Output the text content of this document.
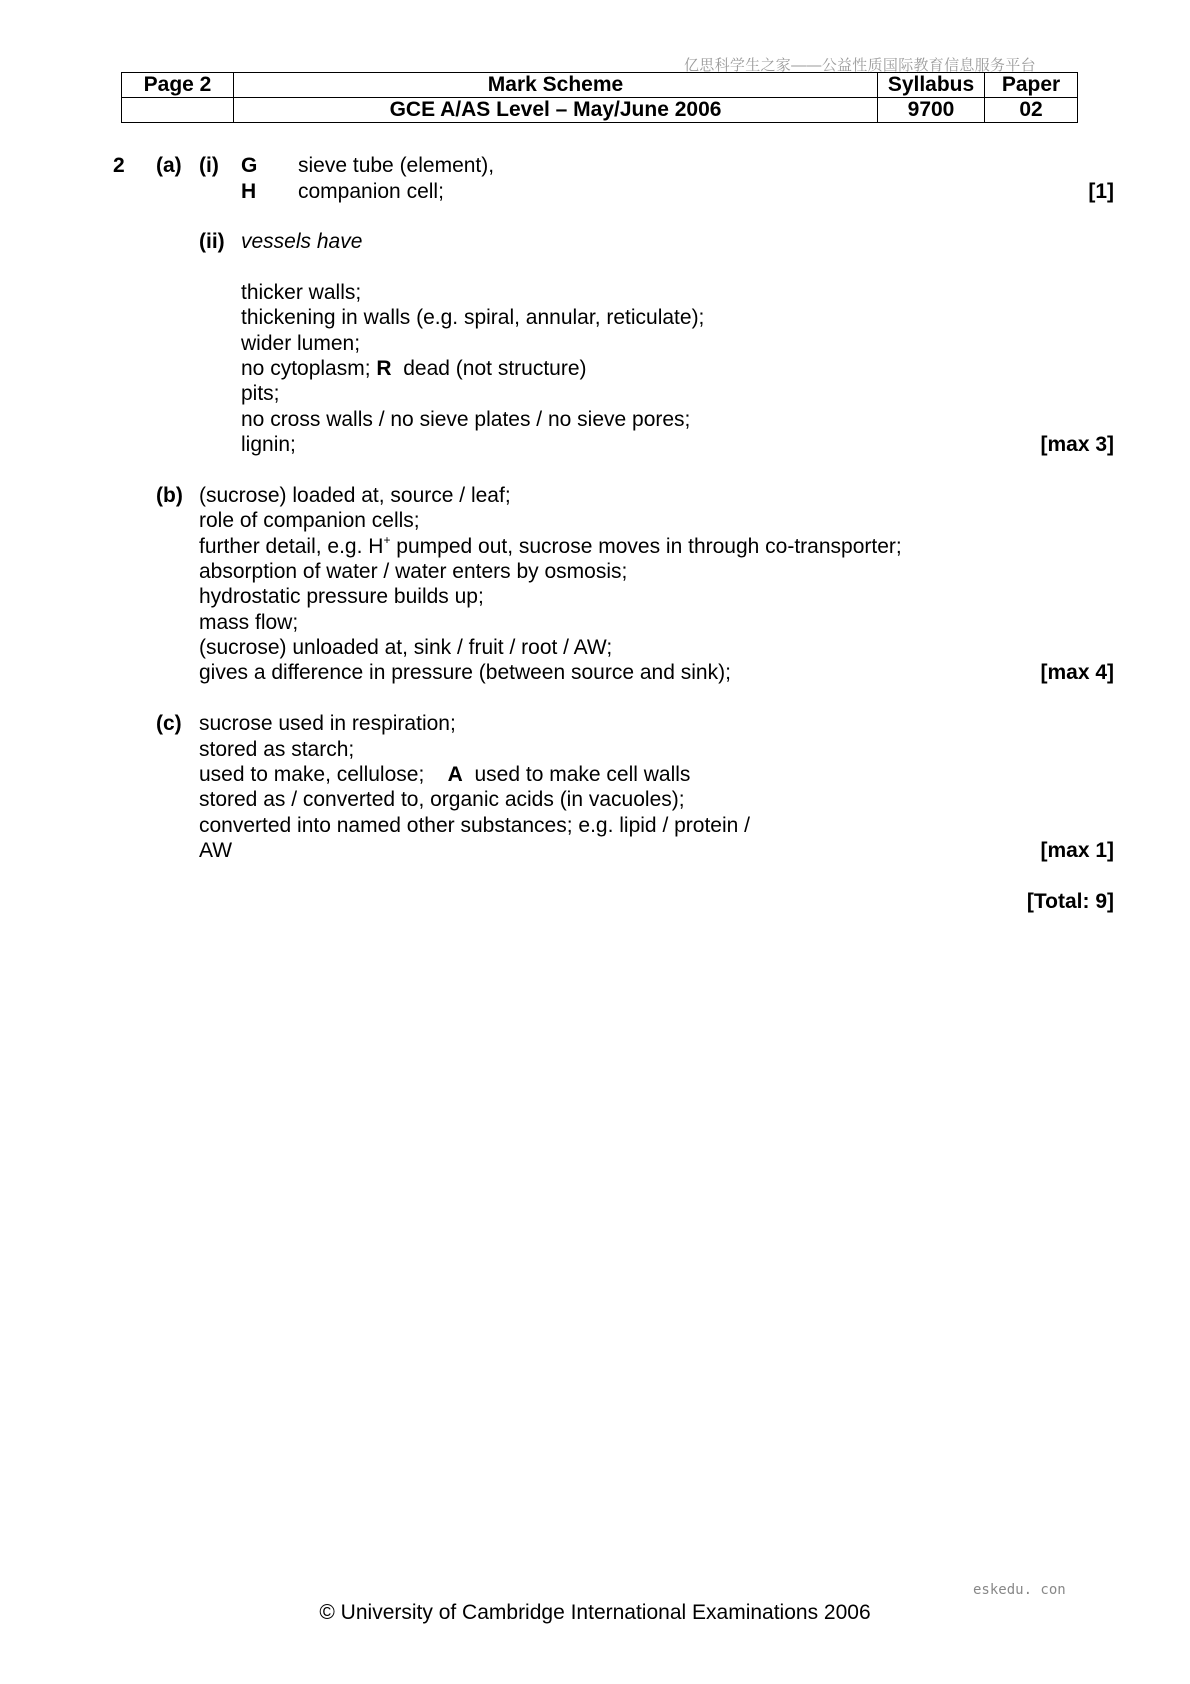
亿思科学生之家——公益性质国际教育信息服务平台
Page 2	Mark Scheme	Syllabus	Paper
	GCE A/AS Level – May/June 2006	9700	02
2 (a) (i) G sieve tube (element),
H companion cell;	[1]
(ii) vessels have
thicker walls;
thickening in walls (e.g. spiral, annular, reticulate);
wider lumen;
no cytoplasm; R dead (not structure)
pits;
no cross walls / no sieve plates / no sieve pores;
lignin;	[max 3]
(b) (sucrose) loaded at, source / leaf;
role of companion cells;
further detail, e.g. H+ pumped out, sucrose moves in through co-transporter;
absorption of water / water enters by osmosis;
hydrostatic pressure builds up;
mass flow;
(sucrose) unloaded at, sink / fruit / root / AW;
gives a difference in pressure (between source and sink);	[max 4]
(c) sucrose used in respiration;
stored as starch;
used to make, cellulose; A used to make cell walls
stored as / converted to, organic acids (in vacuoles);
converted into named other substances; e.g. lipid / protein /
AW	[max 1]
[Total: 9]
eskedu. con
© University of Cambridge International Examinations 2006
